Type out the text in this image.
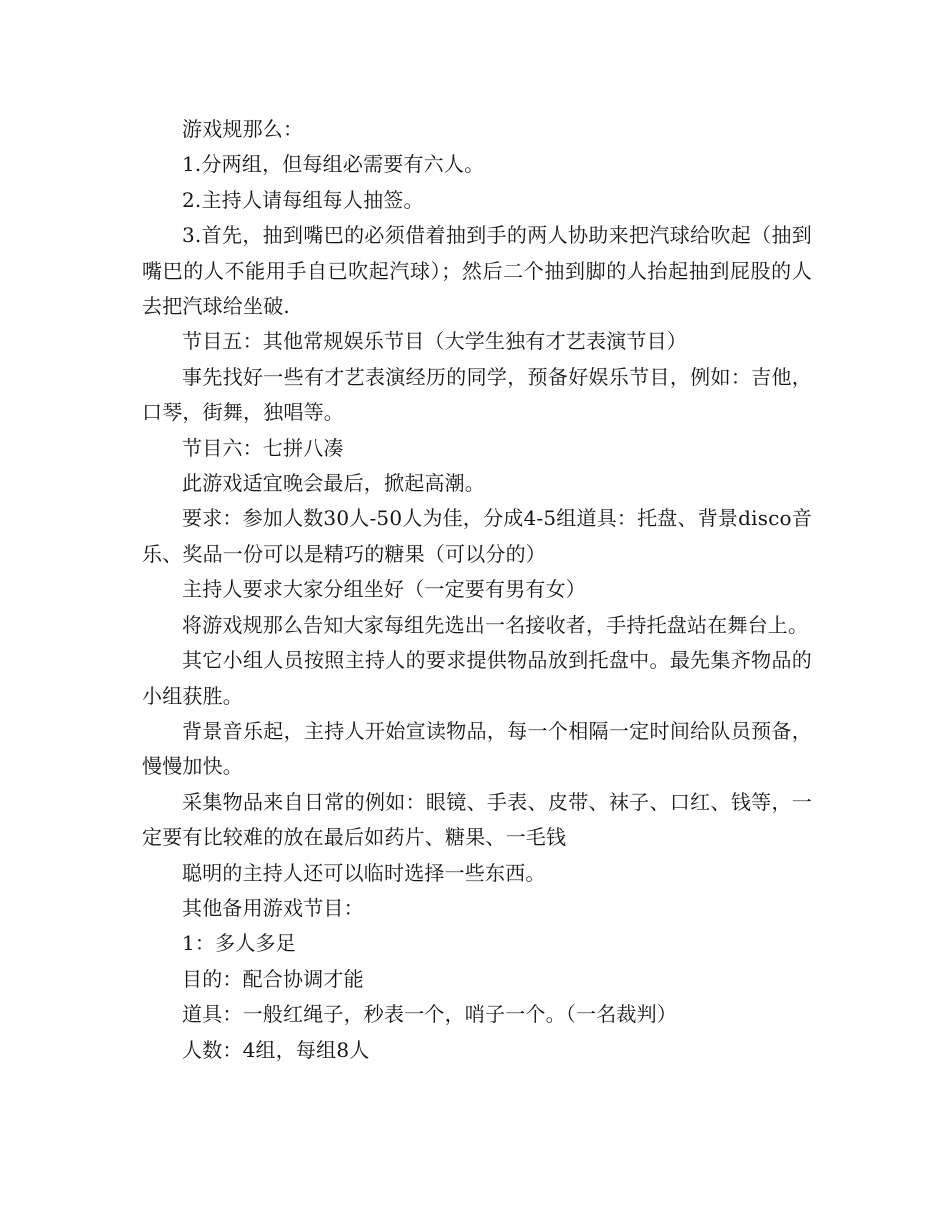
游戏规那么：

1.分两组，但每组必需要有六人。

2.主持人请每组每人抽签。

3.首先，抽到嘴巴的必须借着抽到手的两人协助来把汽球给吹起（抽到嘴巴的人不能用手自已吹起汽球）；然后二个抽到脚的人抬起抽到屁股的人去把汽球给坐破.

节目五：其他常规娱乐节目（大学生独有才艺表演节目）

事先找好一些有才艺表演经历的同学，预备好娱乐节目，例如：吉他，口琴，街舞，独唱等。

节目六：七拼八凑

此游戏适宜晚会最后，掀起高潮。

要求：参加人数30人-50人为佳，分成4-5组道具：托盘、背景disco音乐、奖品一份可以是精巧的糖果（可以分的）

主持人要求大家分组坐好（一定要有男有女）

将游戏规那么告知大家每组先选出一名接收者，手持托盘站在舞台上。

其它小组人员按照主持人的要求提供物品放到托盘中。最先集齐物品的小组获胜。

背景音乐起，主持人开始宣读物品，每一个相隔一定时间给队员预备，慢慢加快。

采集物品来自日常的例如：眼镜、手表、皮带、袜子、口红、钱等，一定要有比较难的放在最后如药片、糖果、一毛钱

聪明的主持人还可以临时选择一些东西。

其他备用游戏节目：

1：多人多足

目的：配合协调才能

道具：一般红绳子，秒表一个，哨子一个。（一名裁判）

人数：4组，每组8人
